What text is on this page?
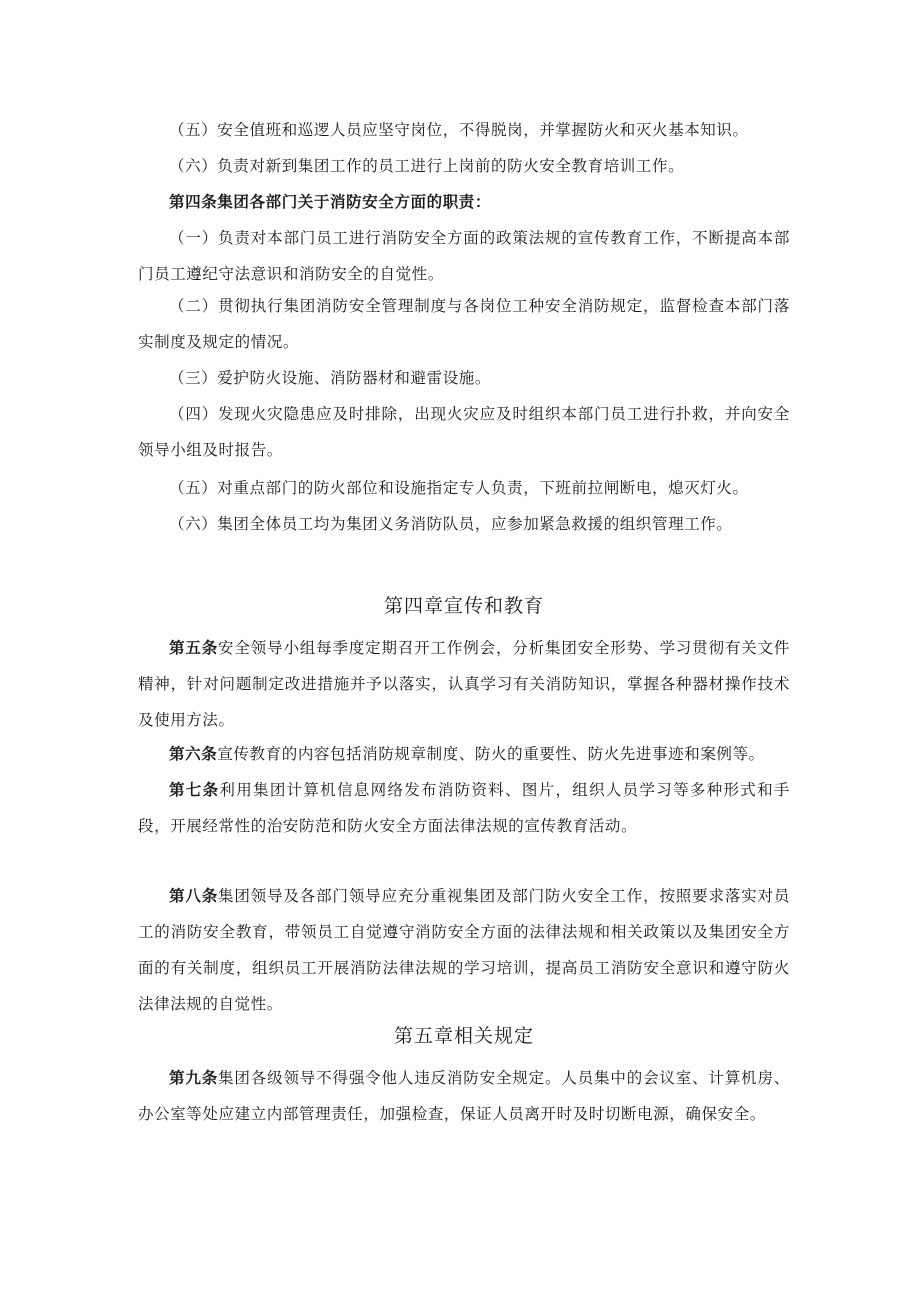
（五）安全值班和巡逻人员应坚守岗位，不得脱岗，并掌握防火和灭火基本知识。

（六）负责对新到集团工作的员工进行上岗前的防火安全教育培训工作。

第四条集团各部门关于消防安全方面的职责：

（一）负责对本部门员工进行消防安全方面的政策法规的宣传教育工作，不断提高本部门员工遵纪守法意识和消防安全的自觉性。

（二）贯彻执行集团消防安全管理制度与各岗位工种安全消防规定，监督检查本部门落实制度及规定的情况。

（三）爱护防火设施、消防器材和避雷设施。

（四）发现火灾隐患应及时排除，出现火灾应及时组织本部门员工进行扑救，并向安全领导小组及时报告。

（五）对重点部门的防火部位和设施指定专人负责，下班前拉闸断电，熄灭灯火。

（六）集团全体员工均为集团义务消防队员，应参加紧急救援的组织管理工作。

第四章宣传和教育

第五条安全领导小组每季度定期召开工作例会，分析集团安全形势、学习贯彻有关文件精神，针对问题制定改进措施并予以落实，认真学习有关消防知识，掌握各种器材操作技术及使用方法。

第六条宣传教育的内容包括消防规章制度、防火的重要性、防火先进事迹和案例等。

第七条利用集团计算机信息网络发布消防资料、图片，组织人员学习等多种形式和手段，开展经常性的治安防范和防火安全方面法律法规的宣传教育活动。

第八条集团领导及各部门领导应充分重视集团及部门防火安全工作，按照要求落实对员工的消防安全教育，带领员工自觉遵守消防安全方面的法律法规和相关政策以及集团安全方面的有关制度，组织员工开展消防法律法规的学习培训，提高员工消防安全意识和遵守防火法律法规的自觉性。

第五章相关规定

第九条集团各级领导不得强令他人违反消防安全规定。人员集中的会议室、计算机房、办公室等处应建立内部管理责任，加强检查，保证人员离开时及时切断电源，确保安全。
